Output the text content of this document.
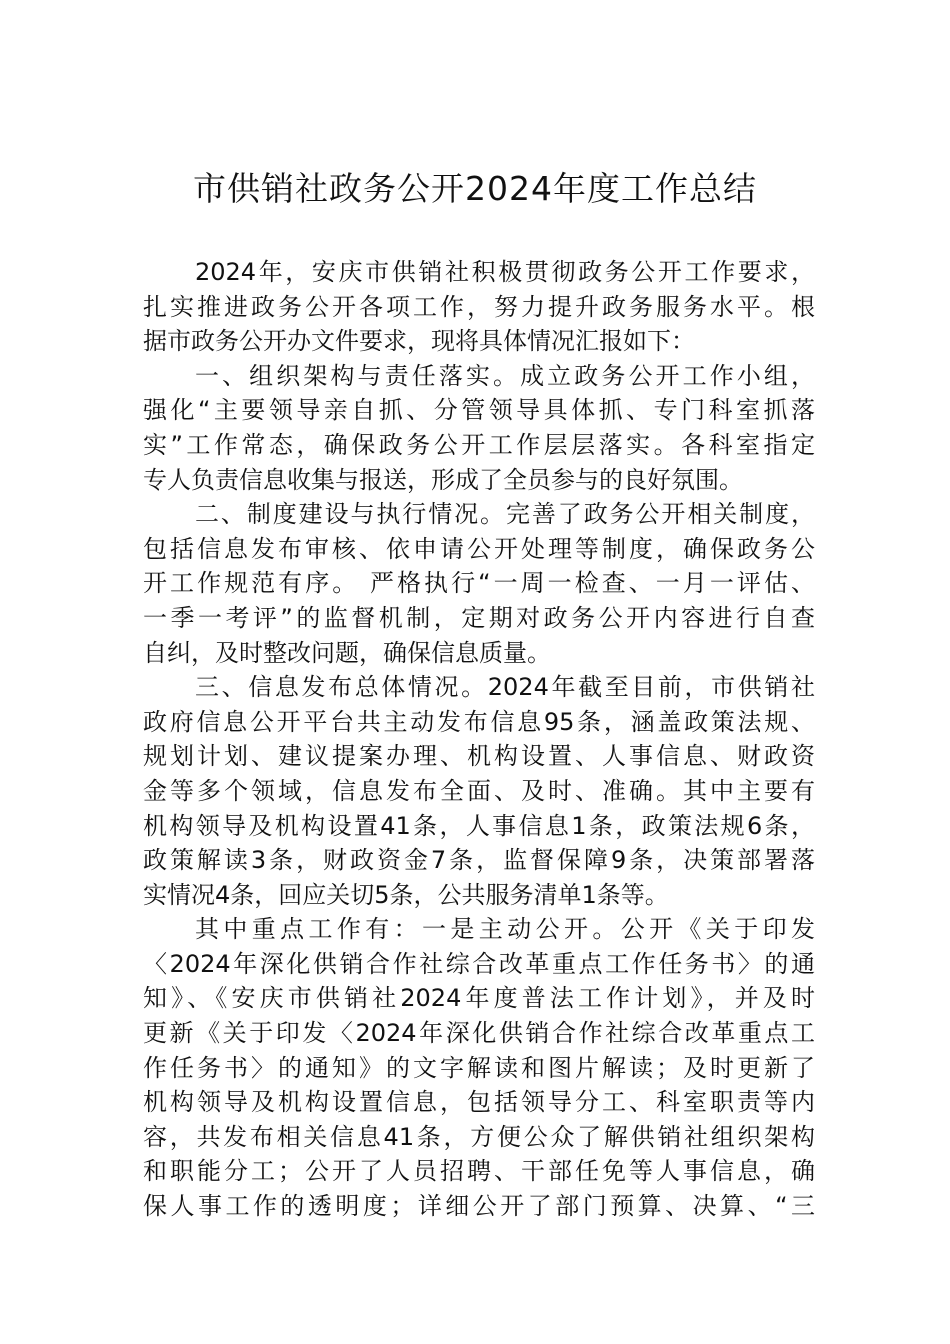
市供销社政务公开2024年度工作总结
2024年，安庆市供销社积极贯彻政务公开工作要求，
扎实推进政务公开各项工作，努力提升政务服务水平。根
据市政务公开办文件要求，现将具体情况汇报如下：
一、组织架构与责任落实。成立政务公开工作小组，
强化“主要领导亲自抓、分管领导具体抓、专门科室抓落
实”工作常态，确保政务公开工作层层落实。各科室指定
专人负责信息收集与报送，形成了全员参与的良好氛围。
二、制度建设与执行情况。完善了政务公开相关制度，
包括信息发布审核、依申请公开处理等制度，确保政务公
开工作规范有序。 严格执行“一周一检查、一月一评估、
一季一考评”的监督机制，定期对政务公开内容进行自查
自纠，及时整改问题，确保信息质量。
三、信息发布总体情况。2024年截至目前，市供销社
政府信息公开平台共主动发布信息95条，涵盖政策法规、
规划计划、建议提案办理、机构设置、人事信息、财政资
金等多个领域，信息发布全面、及时、准确。其中主要有
机构领导及机构设置41条，人事信息1条，政策法规6条，
政策解读3条，财政资金7条，监督保障9条，决策部署落
实情况4条，回应关切5条，公共服务清单1条等。
其中重点工作有：一是主动公开。公开《关于印发
〈2024年深化供销合作社综合改革重点工作任务书〉的通
知》、《安庆市供销社2024年度普法工作计划》，并及时
更新《关于印发〈2024年深化供销合作社综合改革重点工
作任务书〉的通知》的文字解读和图片解读；及时更新了
机构领导及机构设置信息，包括领导分工、科室职责等内
容，共发布相关信息41条，方便公众了解供销社组织架构
和职能分工；公开了人员招聘、干部任免等人事信息，确
保人事工作的透明度；详细公开了部门预算、决算、“三
